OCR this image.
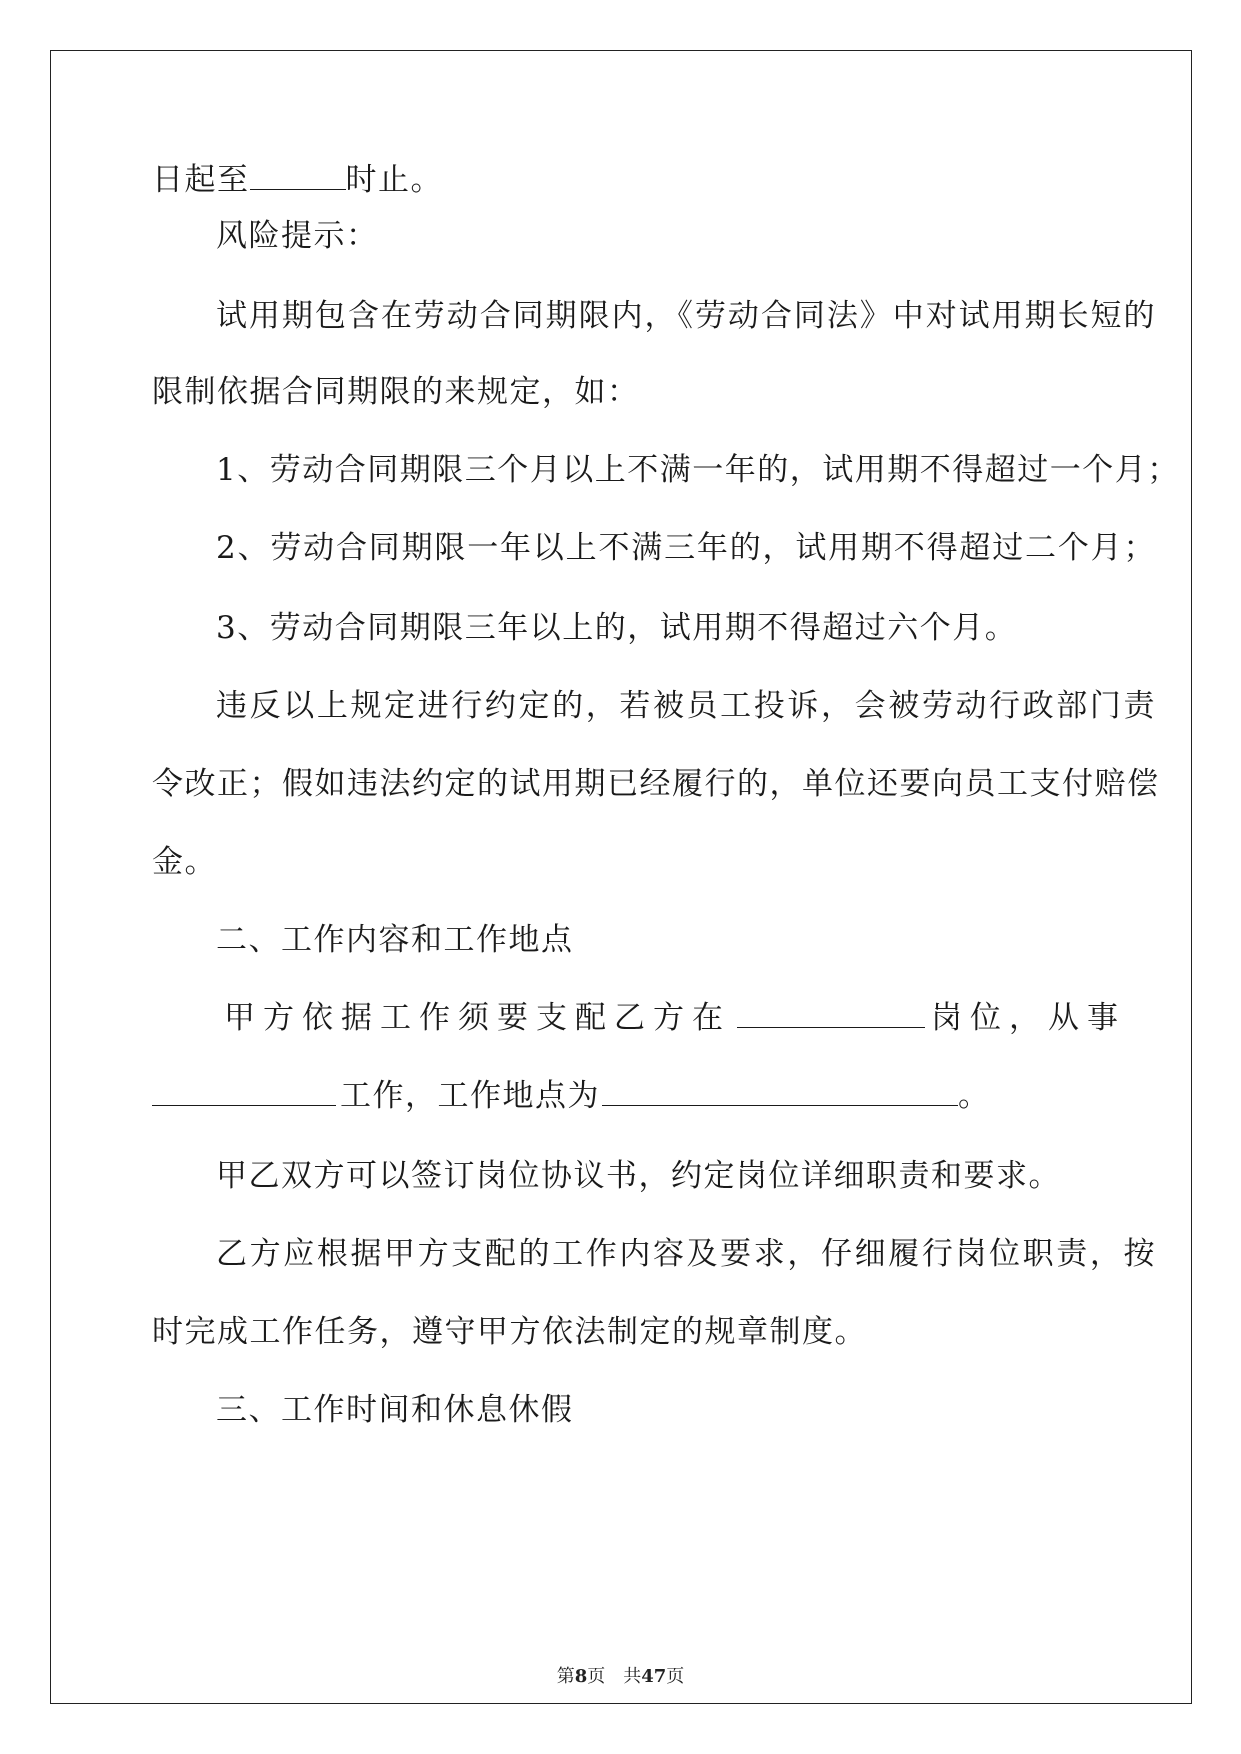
日起至	时止。
风险提示：
试用期包含在劳动合同期限内，《劳动合同法》中对试用期长短的
限制依据合同期限的来规定，如：
1、劳动合同期限三个月以上不满一年的，试用期不得超过一个月；
2、劳动合同期限一年以上不满三年的，试用期不得超过二个月；
3、劳动合同期限三年以上的，试用期不得超过六个月。
违反以上规定进行约定的，若被员工投诉，会被劳动行政部门责
令改正；假如违法约定的试用期已经履行的，单位还要向员工支付赔偿
金。
二、工作内容和工作地点
甲方依据工作须要支配乙方在	岗位，从事
工作，工作地点为	。
甲乙双方可以签订岗位协议书，约定岗位详细职责和要求。
乙方应根据甲方支配的工作内容及要求，仔细履行岗位职责，按
时完成工作任务，遵守甲方依法制定的规章制度。
三、工作时间和休息休假
第8页　共47页
